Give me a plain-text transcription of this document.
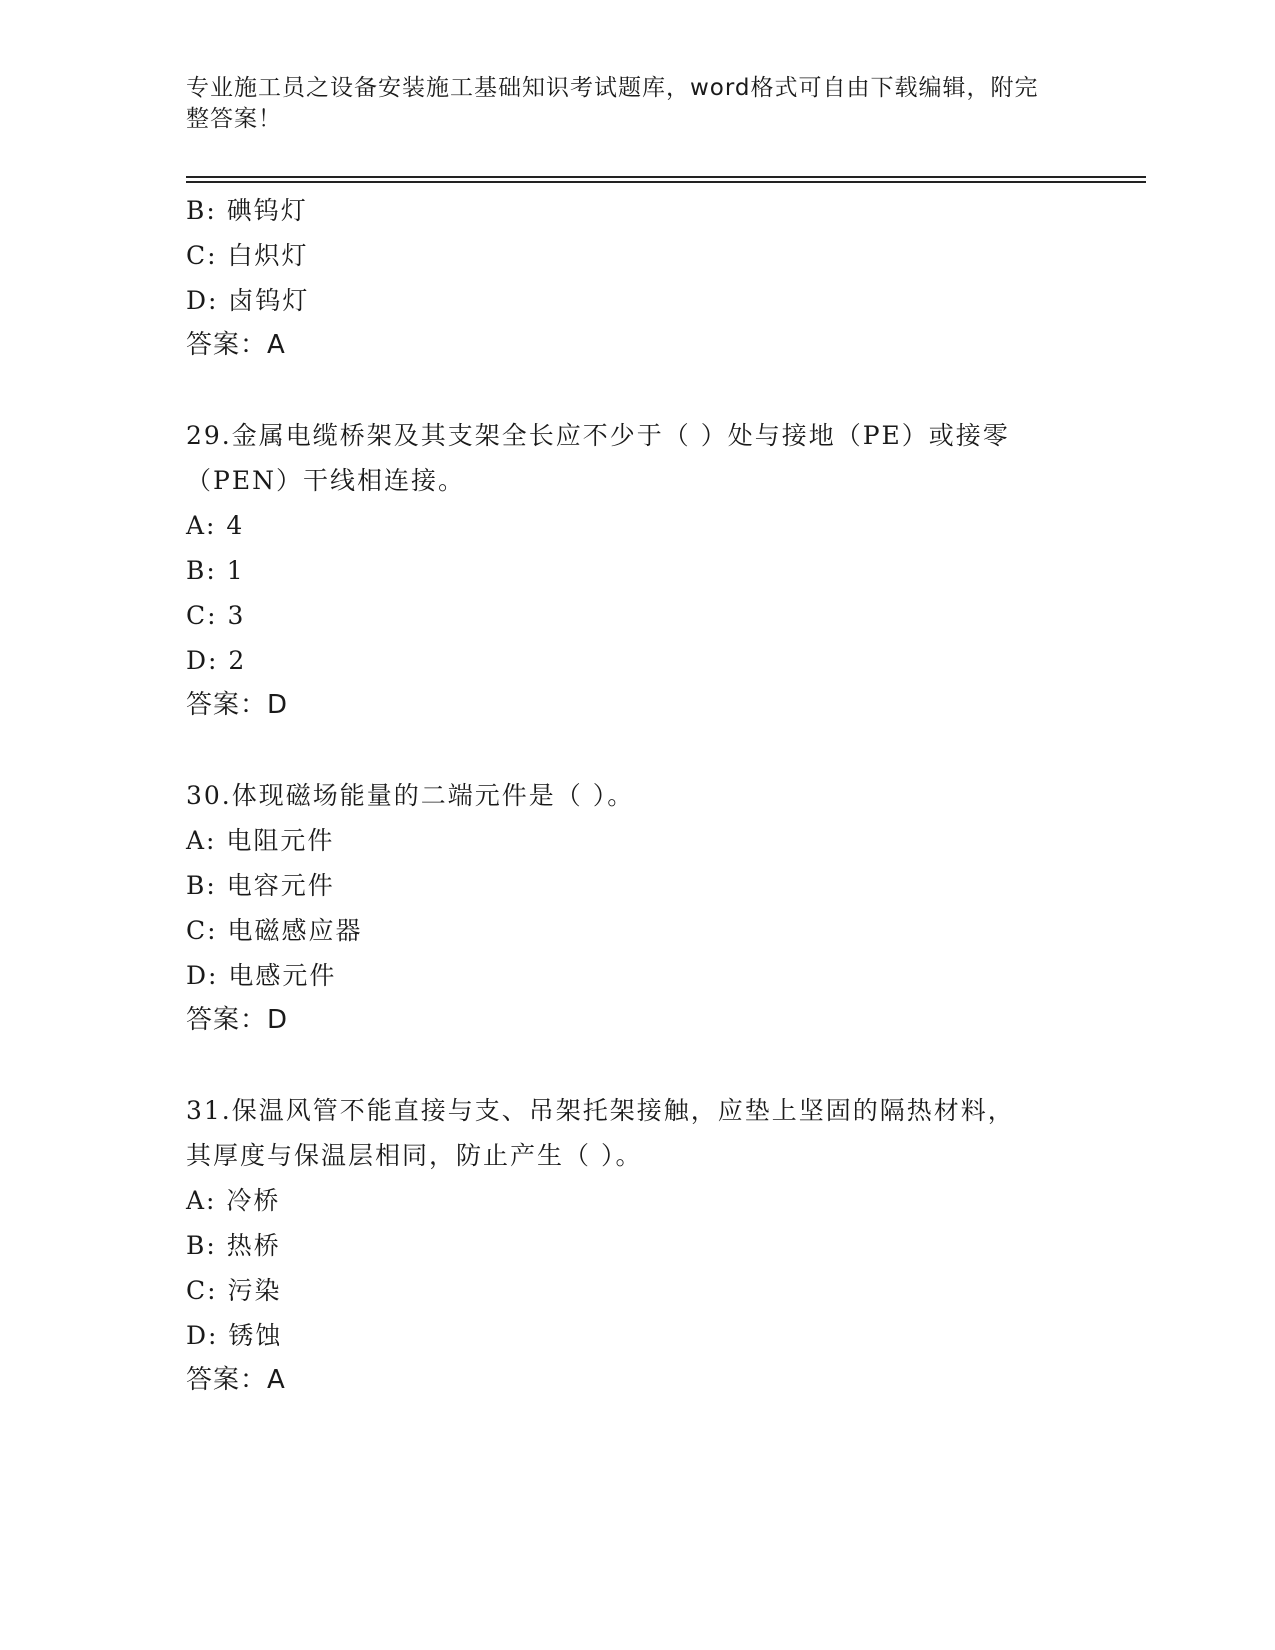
专业施工员之设备安装施工基础知识考试题库，word格式可自由下载编辑，附完
整答案！
B: 碘钨灯
C: 白炽灯
D: 卤钨灯
答案：A
29.金属电缆桥架及其支架全长应不少于（ ）处与接地（PE）或接零
（PEN）干线相连接。
A: 4
B: 1
C: 3
D: 2
答案：D
30.体现磁场能量的二端元件是（ ）。
A: 电阻元件
B: 电容元件
C: 电磁感应器
D: 电感元件
答案：D
31.保温风管不能直接与支、吊架托架接触，应垫上坚固的隔热材料，
其厚度与保温层相同，防止产生（ ）。
A: 冷桥
B: 热桥
C: 污染
D: 锈蚀
答案：A
